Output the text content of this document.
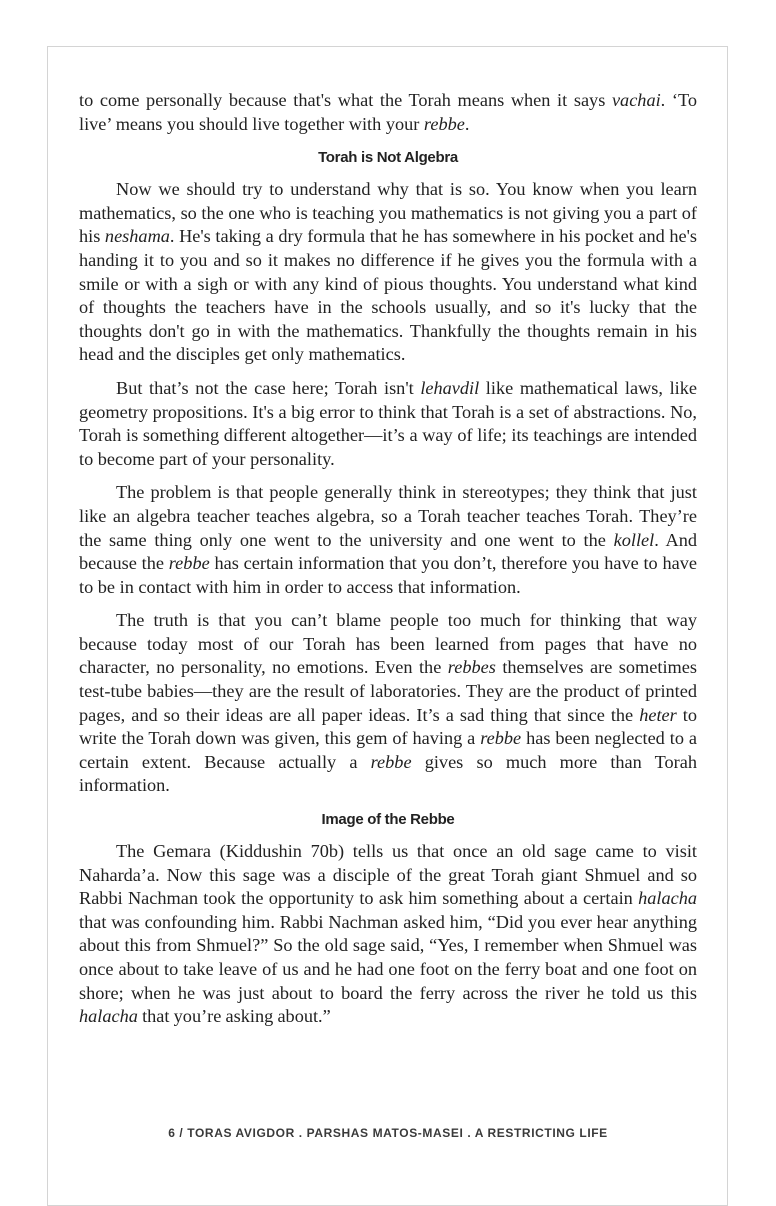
to come personally because that's what the Torah means when it says vachai. ‘To live’ means you should live together with your rebbe.

Torah is Not Algebra

Now we should try to understand why that is so. You know when you learn mathematics, so the one who is teaching you mathematics is not giving you a part of his neshama. He's taking a dry formula that he has somewhere in his pocket and he's handing it to you and so it makes no difference if he gives you the formula with a smile or with a sigh or with any kind of pious thoughts. You understand what kind of thoughts the teachers have in the schools usually, and so it's lucky that the thoughts don't go in with the mathematics. Thankfully the thoughts remain in his head and the disciples get only mathematics.

But that’s not the case here; Torah isn't lehavdil like mathematical laws, like geometry propositions. It's a big error to think that Torah is a set of abstractions. No, Torah is something different altogether—it’s a way of life; its teachings are intended to become part of your personality.

The problem is that people generally think in stereotypes; they think that just like an algebra teacher teaches algebra, so a Torah teacher teaches Torah. They’re the same thing only one went to the university and one went to the kollel. And because the rebbe has certain information that you don’t, therefore you have to have to be in contact with him in order to access that information.

The truth is that you can’t blame people too much for thinking that way because today most of our Torah has been learned from pages that have no character, no personality, no emotions. Even the rebbes themselves are sometimes test-tube babies—they are the result of laboratories. They are the product of printed pages, and so their ideas are all paper ideas. It’s a sad thing that since the heter to write the Torah down was given, this gem of having a rebbe has been neglected to a certain extent. Because actually a rebbe gives so much more than Torah information.

Image of the Rebbe

The Gemara (Kiddushin 70b) tells us that once an old sage came to visit Naharda’a. Now this sage was a disciple of the great Torah giant Shmuel and so Rabbi Nachman took the opportunity to ask him something about a certain halacha that was confounding him. Rabbi Nachman asked him, “Did you ever hear anything about this from Shmuel?” So the old sage said, “Yes, I remember when Shmuel was once about to take leave of us and he had one foot on the ferry boat and one foot on shore; when he was just about to board the ferry across the river he told us this halacha that you’re asking about.”

6 / TORAS AVIGDOR . PARSHAS MATOS-MASEI . A RESTRICTING LIFE
